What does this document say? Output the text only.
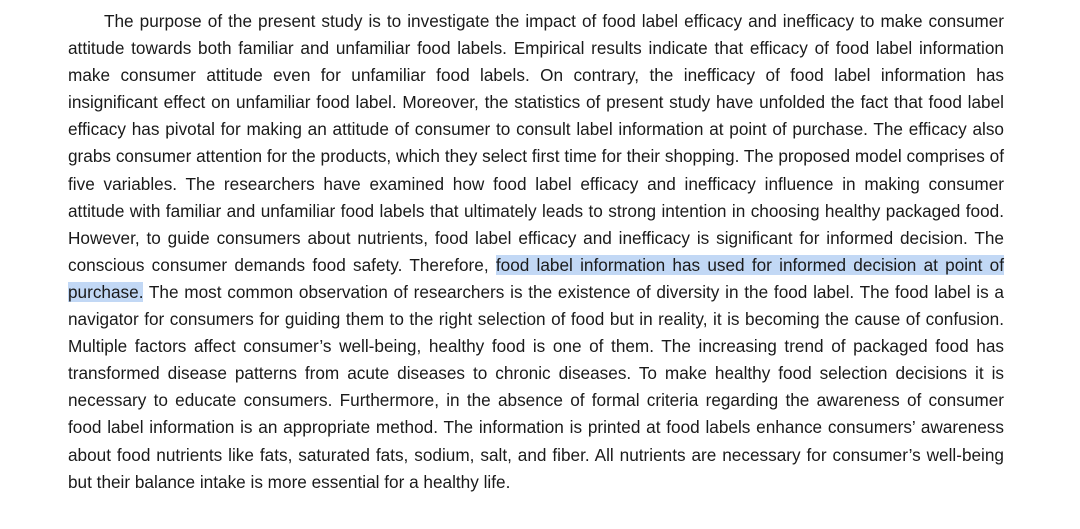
The purpose of the present study is to investigate the impact of food label efficacy and inefficacy to make consumer attitude towards both familiar and unfamiliar food labels. Empirical results indicate that efficacy of food label information make consumer attitude even for unfamiliar food labels. On contrary, the inefficacy of food label information has insignificant effect on unfamiliar food label. Moreover, the statistics of present study have unfolded the fact that food label efficacy has pivotal for making an attitude of consumer to consult label information at point of purchase. The efficacy also grabs consumer attention for the products, which they select first time for their shopping. The proposed model comprises of five variables. The researchers have examined how food label efficacy and inefficacy influence in making consumer attitude with familiar and unfamiliar food labels that ultimately leads to strong intention in choosing healthy packaged food. However, to guide consumers about nutrients, food label efficacy and inefficacy is significant for informed decision. The conscious consumer demands food safety. Therefore, food label information has used for informed decision at point of purchase. The most common observation of researchers is the existence of diversity in the food label. The food label is a navigator for consumers for guiding them to the right selection of food but in reality, it is becoming the cause of confusion. Multiple factors affect consumer’s well-being, healthy food is one of them. The increasing trend of packaged food has transformed disease patterns from acute diseases to chronic diseases. To make healthy food selection decisions it is necessary to educate consumers. Furthermore, in the absence of formal criteria regarding the awareness of consumer food label information is an appropriate method. The information is printed at food labels enhance consumers’ awareness about food nutrients like fats, saturated fats, sodium, salt, and fiber. All nutrients are necessary for consumer’s well-being but their balance intake is more essential for a healthy life.
